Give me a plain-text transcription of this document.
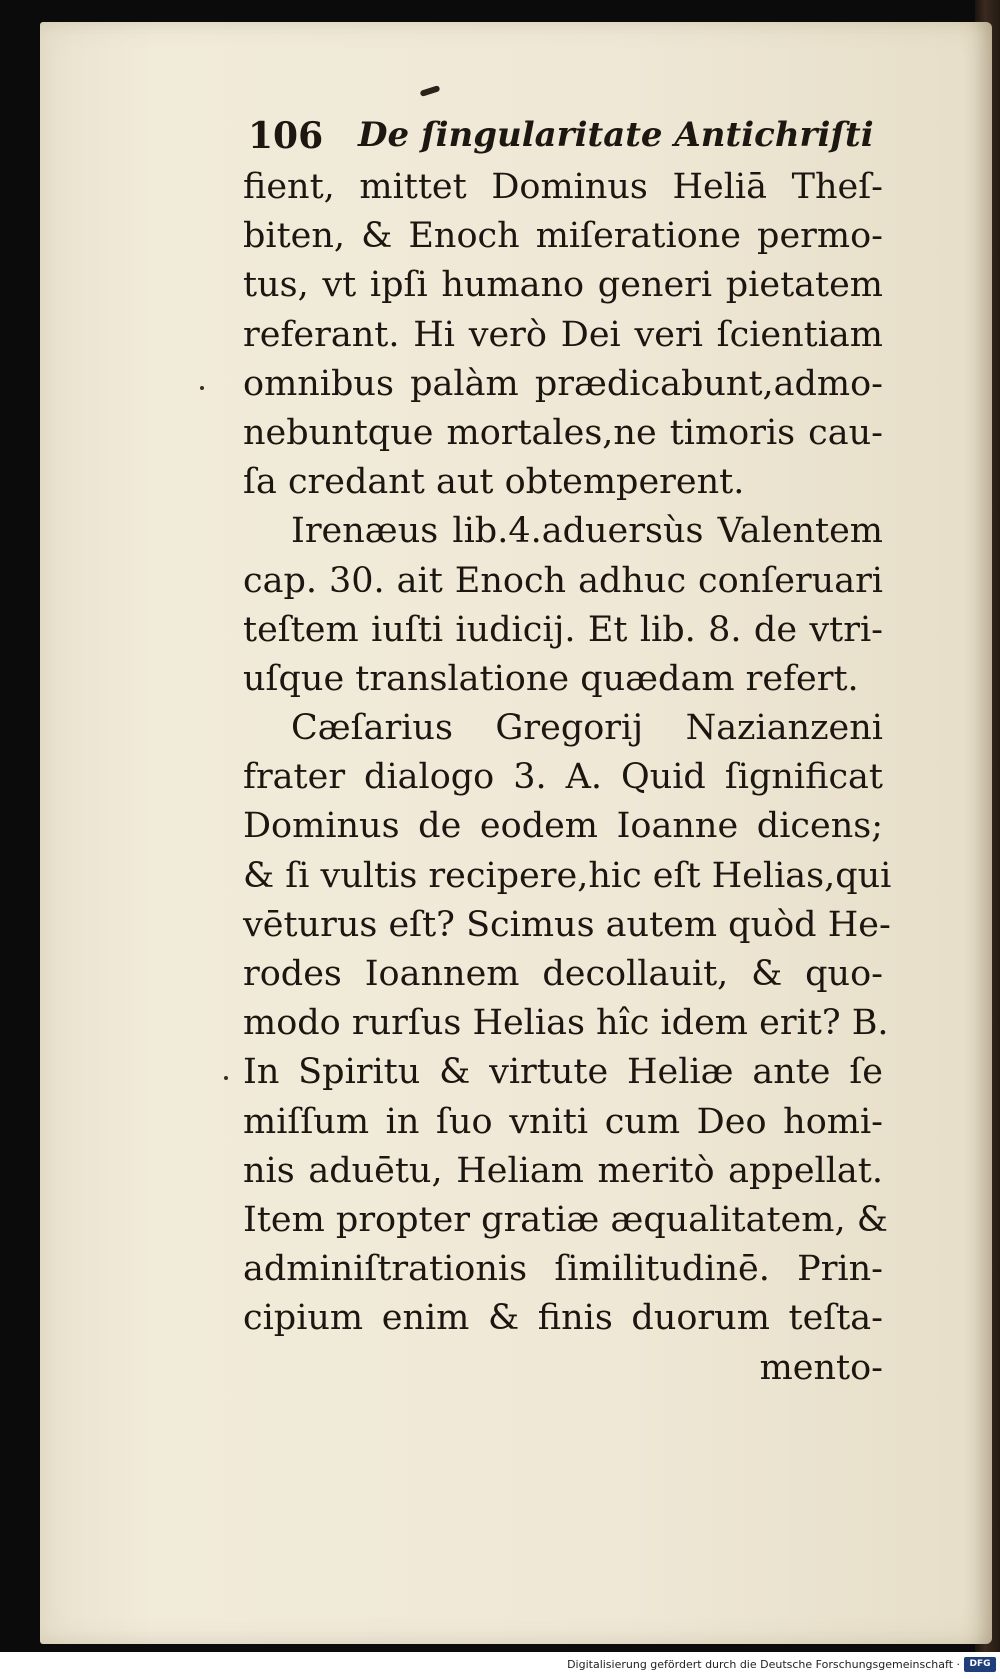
106 De ſingularitate Antichriſti
fient, mittet Dominus Heliā Theſ-
biten, & Enoch miſeratione permo-
tus, vt ipſi humano generi pietatem
referant. Hi verò Dei veri ſcientiam
omnibus palàm prædicabunt,admo-
nebuntque mortales,ne timoris cau-
ſa credant aut obtemperent.
Irenæus lib.4.aduersùs Valentem
cap. 30. ait Enoch adhuc conſeruari
teſtem iuſti iudicij. Et lib. 8. de vtri-
uſque translatione quædam refert.
Cæſarius Gregorij Nazianzeni
frater dialogo 3. A. Quid ſignificat
Dominus de eodem Ioanne dicens;
& ſi vultis recipere,hic eſt Helias,qui
vēturus eſt? Scimus autem quòd He-
rodes Ioannem decollauit, & quo-
modo rurſus Helias hîc idem erit? B.
In Spiritu & virtute Heliæ ante ſe
miſſum in ſuo vniti cum Deo homi-
nis aduētu, Heliam meritò appellat.
Item propter gratiæ æqualitatem, &
adminiſtrationis ſimilitudinē. Prin-
cipium enim & finis duorum teſta-
mento-
Digitalisierung gefördert durch die Deutsche Forschungsgemeinschaft ·	DFG
